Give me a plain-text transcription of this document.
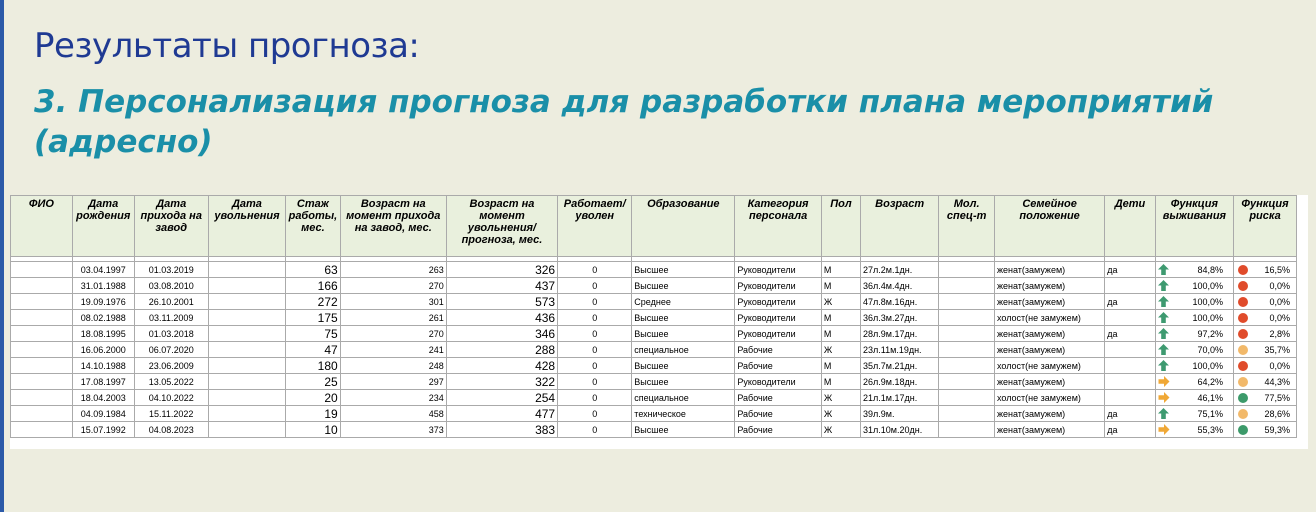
Результаты прогноза:
3. Персонализация прогноза для разработки плана мероприятий (адресно)
ФИО	Дата рождения	Дата прихода на завод	Дата увольнения	Стаж работы, мес.	Возраст на момент прихода на завод, мес.	Возраст на момент увольнения/ прогноза, мес.	Работает/ уволен	Образование	Категория персонала	Пол	Возраст	Мол. спец-т	Семейное положение	Дети	Функция выживания	Функция риска

	03.04.1997	01.03.2019		63	263	326	0	Высшее	Руководители	М	27л.2м.1дн.		женат(замужем)	да	84,8%	16,5%

	31.01.1988	03.08.2010		166	270	437	0	Высшее	Руководители	М	36л.4м.4дн.		женат(замужем)		100,0%	0,0%

	19.09.1976	26.10.2001		272	301	573	0	Среднее	Руководители	Ж	47л.8м.16дн.		женат(замужем)	да	100,0%	0,0%

	08.02.1988	03.11.2009		175	261	436	0	Высшее	Руководители	М	36л.3м.27дн.		холост(не замужем)		100,0%	0,0%

	18.08.1995	01.03.2018		75	270	346	0	Высшее	Руководители	М	28л.9м.17дн.		женат(замужем)	да	97,2%	2,8%

	16.06.2000	06.07.2020		47	241	288	0	специальное	Рабочие	Ж	23л.11м.19дн.		женат(замужем)		70,0%	35,7%

	14.10.1988	23.06.2009		180	248	428	0	Высшее	Рабочие	М	35л.7м.21дн.		холост(не замужем)		100,0%	0,0%

	17.08.1997	13.05.2022		25	297	322	0	Высшее	Руководители	М	26л.9м.18дн.		женат(замужем)		64,2%	44,3%

	18.04.2003	04.10.2022		20	234	254	0	специальное	Рабочие	Ж	21л.1м.17дн.		холост(не замужем)		46,1%	77,5%

	04.09.1984	15.11.2022		19	458	477	0	техническое	Рабочие	Ж	39л.9м.		женат(замужем)	да	75,1%	28,6%

	15.07.1992	04.08.2023		10	373	383	0	Высшее	Рабочие	Ж	31л.10м.20дн.		женат(замужем)	да	55,3%	59,3%
